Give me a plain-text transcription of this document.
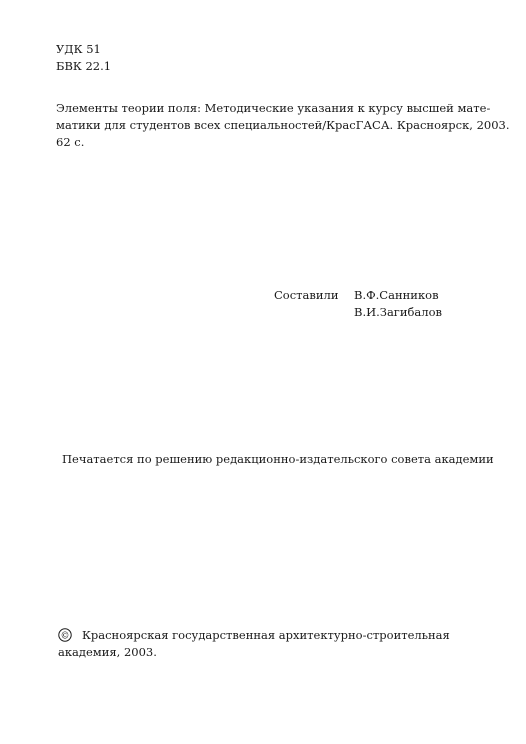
УДК 51
БВК 22.1
Элементы теории поля: Методические указания к курсу высшей мате-
матики для студентов всех специальностей/КрасГАСА. Красноярск, 2003.
62 с.
Составили В.Ф.Санников
В.И.Загибалов
Печатается по решению редакционно-издательского совета академии
©	Красноярская государственная архитектурно-строительная
академия, 2003.
